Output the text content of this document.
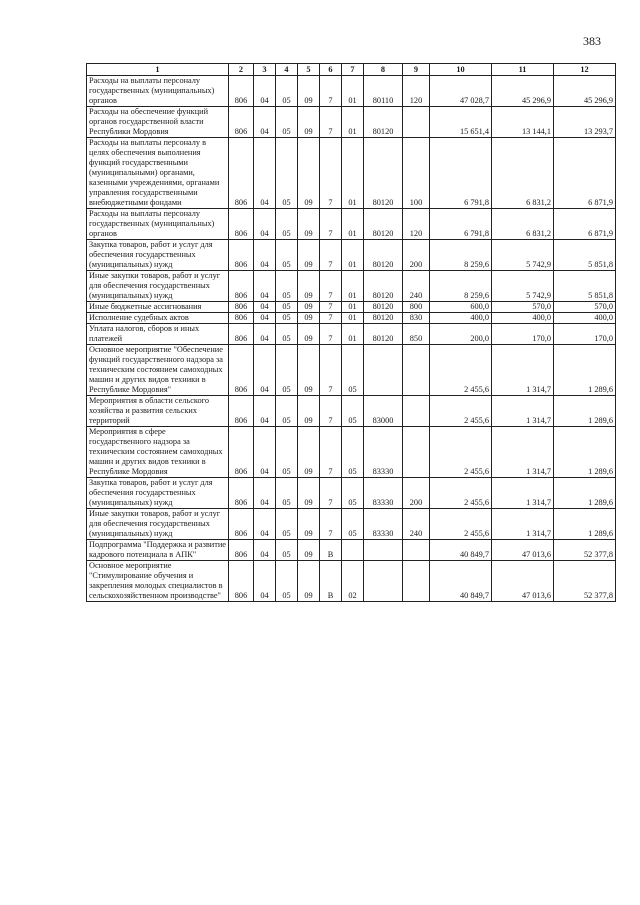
383
1	2	3	4	5	6	7	8	9	10	11	12
Расходы на выплаты персоналу государственных (муниципальных) органов	806	04	05	09	7	01	80110	120	47 028,7	45 296,9	45 296,9
Расходы на обеспечение функций органов государственной власти Республики Мордовия	806	04	05	09	7	01	80120		15 651,4	13 144,1	13 293,7
Расходы на выплаты персоналу в целях обеспечения выполнения функций государственными (муниципальными) органами, казенными учреждениями, органами управления государственными внебюджетными фондами	806	04	05	09	7	01	80120	100	6 791,8	6 831,2	6 871,9
Расходы на выплаты персоналу государственных (муниципальных) органов	806	04	05	09	7	01	80120	120	6 791,8	6 831,2	6 871,9
Закупка товаров, работ и услуг для обеспечения государственных (муниципальных) нужд	806	04	05	09	7	01	80120	200	8 259,6	5 742,9	5 851,8
Иные закупки товаров, работ и услуг для обеспечения государственных (муниципальных) нужд	806	04	05	09	7	01	80120	240	8 259,6	5 742,9	5 851,8
Иные бюджетные ассигнования	806	04	05	09	7	01	80120	800	600,0	570,0	570,0
Исполнение судебных актов	806	04	05	09	7	01	80120	830	400,0	400,0	400,0
Уплата налогов, сборов и иных платежей	806	04	05	09	7	01	80120	850	200,0	170,0	170,0
Основное мероприятие "Обеспечение функций государственного надзора за техническим состоянием самоходных машин и других видов техники в Республике Мордовия"	806	04	05	09	7	05			2 455,6	1 314,7	1 289,6
Мероприятия в области сельского хозяйства и развития сельских территорий	806	04	05	09	7	05	83000		2 455,6	1 314,7	1 289,6
Мероприятия в сфере государственного надзора за техническим состоянием самоходных машин и других видов техники в Республике Мордовия	806	04	05	09	7	05	83330		2 455,6	1 314,7	1 289,6
Закупка товаров, работ и услуг для обеспечения государственных (муниципальных) нужд	806	04	05	09	7	05	83330	200	2 455,6	1 314,7	1 289,6
Иные закупки товаров, работ и услуг для обеспечения государственных (муниципальных) нужд	806	04	05	09	7	05	83330	240	2 455,6	1 314,7	1 289,6
Подпрограмма "Поддержка и развитие кадрового потенциала в АПК"	806	04	05	09	В				40 849,7	47 013,6	52 377,8
Основное мероприятие "Стимулирование обучения и закрепления молодых специалистов в сельскохозяйственном производстве"	806	04	05	09	В	02			40 849,7	47 013,6	52 377,8
